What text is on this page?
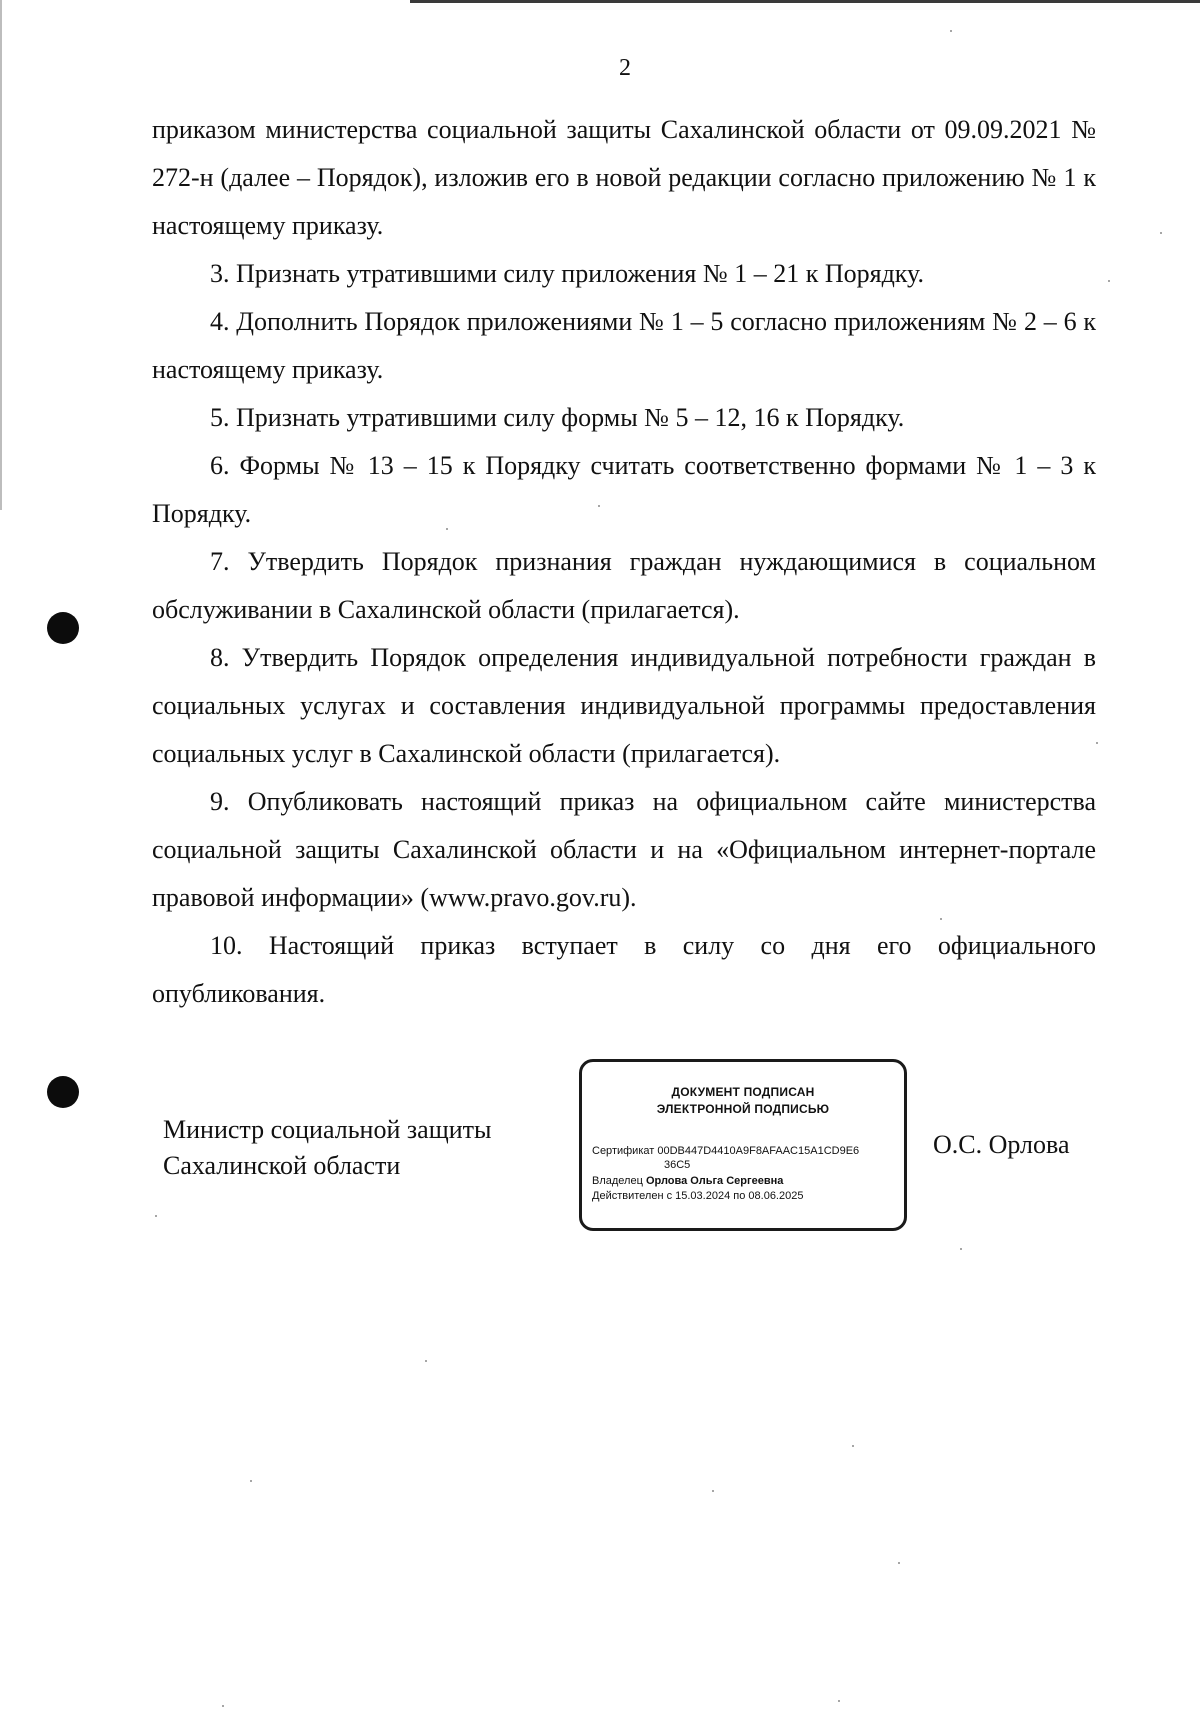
2

приказом министерства социальной защиты Сахалинской области от 09.09.2021 № 272-н (далее – Порядок), изложив его в новой редакции согласно приложению № 1 к настоящему приказу.

3. Признать утратившими силу приложения № 1 – 21 к Порядку.

4. Дополнить Порядок приложениями № 1 – 5 согласно приложениям № 2 – 6 к настоящему приказу.

5. Признать утратившими силу формы № 5 – 12, 16 к Порядку.

6. Формы № 13 – 15 к Порядку считать соответственно формами № 1 – 3 к Порядку.

7. Утвердить Порядок признания граждан нуждающимися в социальном обслуживании в Сахалинской области (прилагается).

8. Утвердить Порядок определения индивидуальной потребности граждан в социальных услугах и составления индивидуальной программы предоставления социальных услуг в Сахалинской области (прилагается).

9. Опубликовать настоящий приказ на официальном сайте министерства социальной защиты Сахалинской области и на «Официальном интернет-портале правовой информации» (www.pravo.gov.ru).

10. Настоящий приказ вступает в силу со дня его официального опубликования.

Министр социальной защиты
Сахалинской области
ДОКУМЕНТ ПОДПИСАН
ЭЛЕКТРОННОЙ ПОДПИСЬЮ
Сертификат 00DB447D4410A9F8AFAAC15A1CD9E6
36C5
Владелец Орлова Ольга Сергеевна
Действителен с 15.03.2024 по 08.06.2025
О.С. Орлова
